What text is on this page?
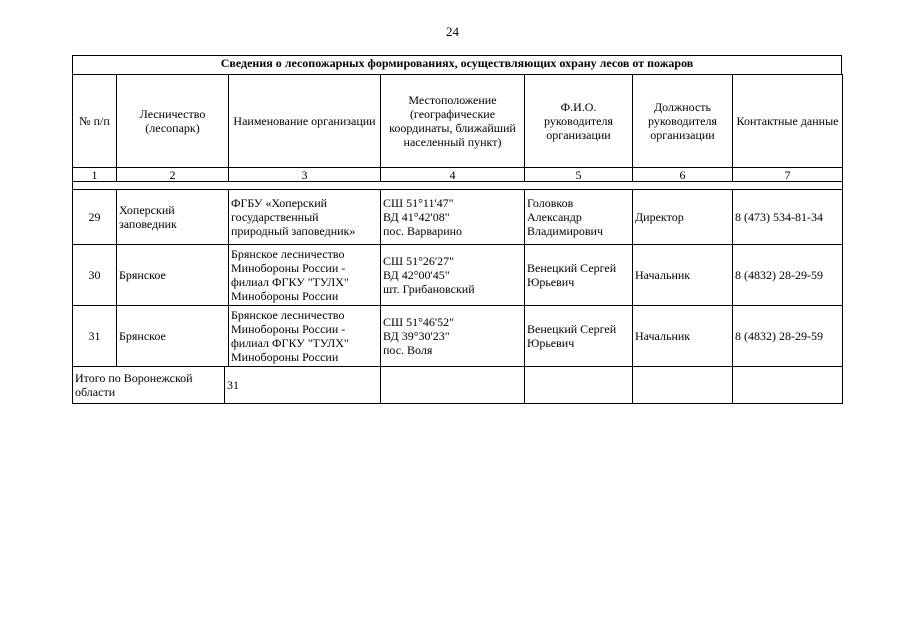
24
Сведения о лесопожарных формированиях, осуществляющих охрану лесов от пожаров
№ п/п	Лесничество (лесопарк)	Наименование организации	Местоположение (географические координаты, ближайший населенный пункт)	Ф.И.О. руководителя организации	Должность руководителя организации	Контактные данные
1	2	3	4	5	6	7

29	Хоперский заповедник	ФГБУ «Хоперский государственный природный заповедник»	СШ 51°11'47"
ВД 41°42'08"
пос. Варварино	Головков Александр Владимирович	Директор	8 (473) 534-81-34
30	Брянское	Брянское лесничество Минобороны России - филиал ФГКУ "ТУЛХ" Минобороны России	СШ 51°26'27"
ВД 42°00'45"
шт. Грибановский	Венецкий Сергей Юрьевич	Начальник	8 (4832) 28-29-59
31	Брянское	Брянское лесничество Минобороны России - филиал ФГКУ "ТУЛХ" Минобороны России	СШ 51°46'52"
ВД 39°30'23"
пос. Воля	Венецкий Сергей Юрьевич	Начальник	8 (4832) 28-29-59

Итого по Воронежской области 31						
